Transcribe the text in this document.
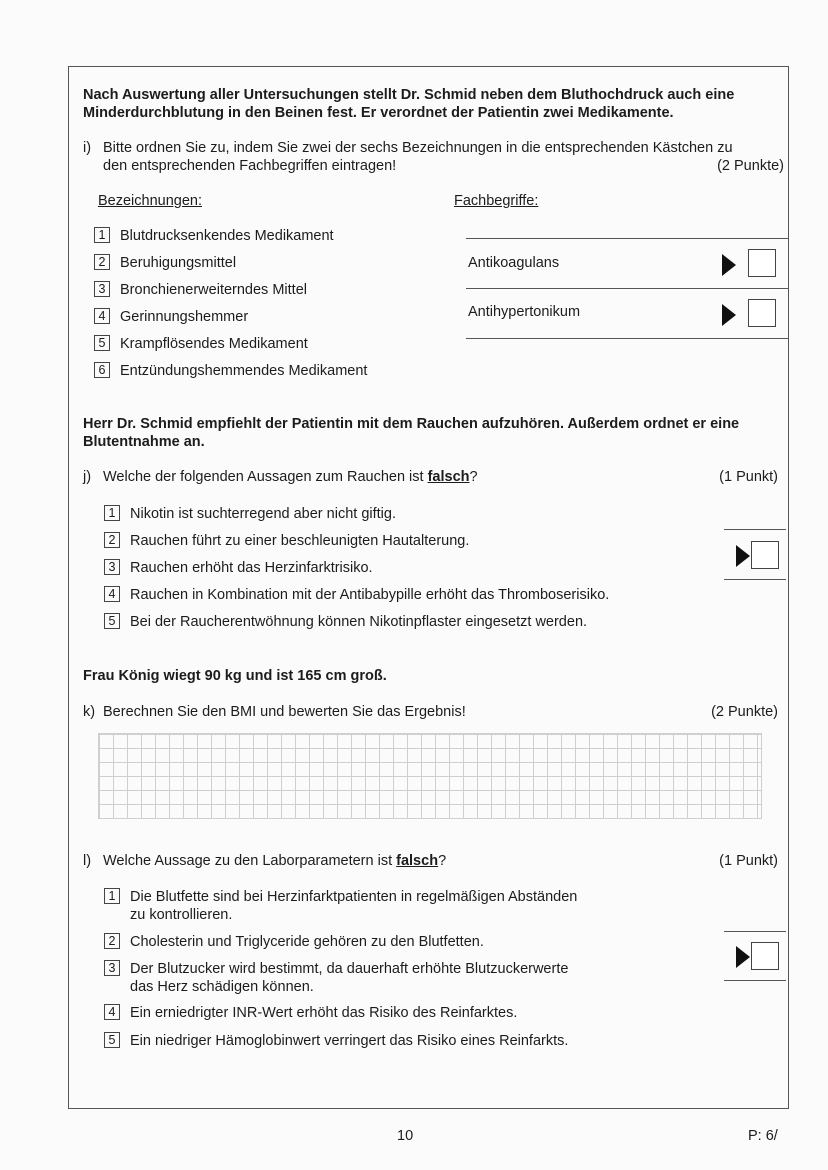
Nach Auswertung aller Untersuchungen stellt Dr. Schmid neben dem Bluthochdruck auch eine
Minderdurchblutung in den Beinen fest. Er verordnet der Patientin zwei Medikamente.
i) Bitte ordnen Sie zu, indem Sie zwei der sechs Bezeichnungen in die entsprechenden Kästchen zu
den entsprechenden Fachbegriffen eintragen!	(2 Punkte)
Bezeichnungen:	Fachbegriffe:
1	Blutdrucksenkendes Medikament
2	Beruhigungsmittel
3	Bronchienerweiterndes Mittel
4	Gerinnungshemmer
5	Krampflösendes Medikament
6	Entzündungshemmendes Medikament
Antikoagulans
Antihypertonikum
Herr Dr. Schmid empfiehlt der Patientin mit dem Rauchen aufzuhören. Außerdem ordnet er eine
Blutentnahme an.
j) Welche der folgenden Aussagen zum Rauchen ist falsch?	(1 Punkt)
1	Nikotin ist suchterregend aber nicht giftig.
2	Rauchen führt zu einer beschleunigten Hautalterung.
3	Rauchen erhöht das Herzinfarktrisiko.
4	Rauchen in Kombination mit der Antibabypille erhöht das Thromboserisiko.
5	Bei der Raucherentwöhnung können Nikotinpflaster eingesetzt werden.
Frau König wiegt 90 kg und ist 165 cm groß.
k) Berechnen Sie den BMI und bewerten Sie das Ergebnis!	(2 Punkte)
l) Welche Aussage zu den Laborparametern ist falsch?	(1 Punkt)
1	Die Blutfette sind bei Herzinfarktpatienten in regelmäßigen Abständen
zu kontrollieren.
2	Cholesterin und Triglyceride gehören zu den Blutfetten.
3	Der Blutzucker wird bestimmt, da dauerhaft erhöhte Blutzuckerwerte
das Herz schädigen können.
4	Ein erniedrigter INR-Wert erhöht das Risiko des Reinfarktes.
5	Ein niedriger Hämoglobinwert verringert das Risiko eines Reinfarkts.
10	P: 6/
